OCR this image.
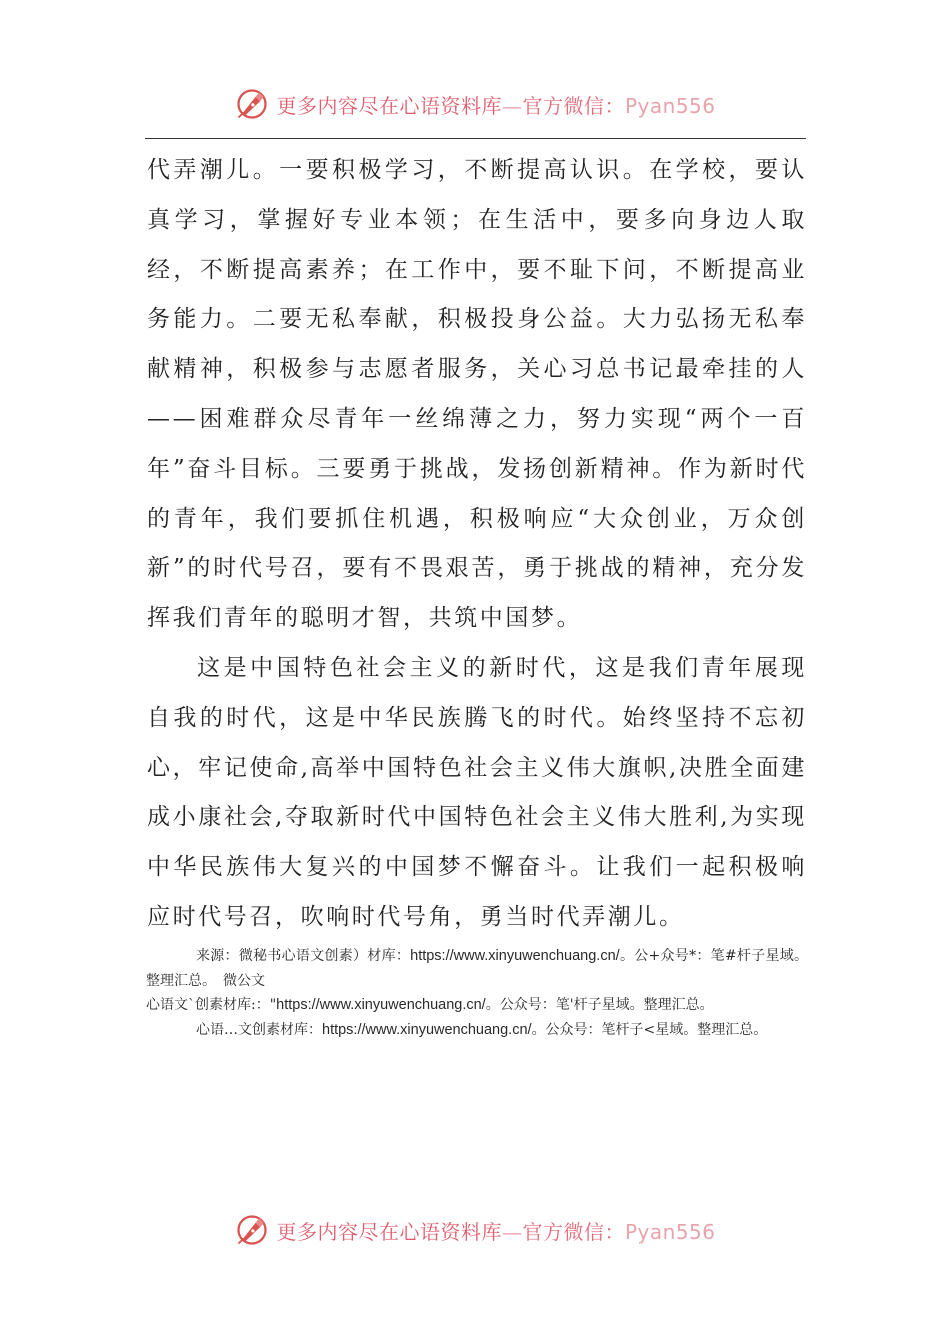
更多内容尽在心语资料库—官方微信：Pyan556

代弄潮儿。一要积极学习，不断提高认识。在学校，要认真学习，掌握好专业本领；在生活中，要多向身边人取经，不断提高素养；在工作中，要不耻下问，不断提高业务能力。二要无私奉献，积极投身公益。大力弘扬无私奉献精神，积极参与志愿者服务，关心习总书记最牵挂的人——困难群众尽青年一丝绵薄之力，努力实现“两个一百年”奋斗目标。三要勇于挑战，发扬创新精神。作为新时代的青年，我们要抓住机遇，积极响应“大众创业，万众创新”的时代号召，要有不畏艰苦，勇于挑战的精神，充分发挥我们青年的聪明才智，共筑中国梦。

这是中国特色社会主义的新时代，这是我们青年展现自我的时代，这是中华民族腾飞的时代。始终坚持不忘初心，牢记使命,高举中国特色社会主义伟大旗帜,决胜全面建成小康社会,夺取新时代中国特色社会主义伟大胜利,为实现中华民族伟大复兴的中国梦不懈奋斗。让我们一起积极响应时代号召，吹响时代号角，勇当时代弄潮儿。

来源：微秘书心语文创素）材库：https://www.xinyuwenchuang.cn/。公+众号*：笔#杆子星域。整理汇总。　微公文

心语文`创素材库:："https://www.xinyuwenchuang.cn/。公众号：笔'杆子星域。整理汇总。

心语…文创素材库：https://www.xinyuwenchuang.cn/。公众号：笔杆子<星域。整理汇总。

更多内容尽在心语资料库—官方微信：Pyan556
